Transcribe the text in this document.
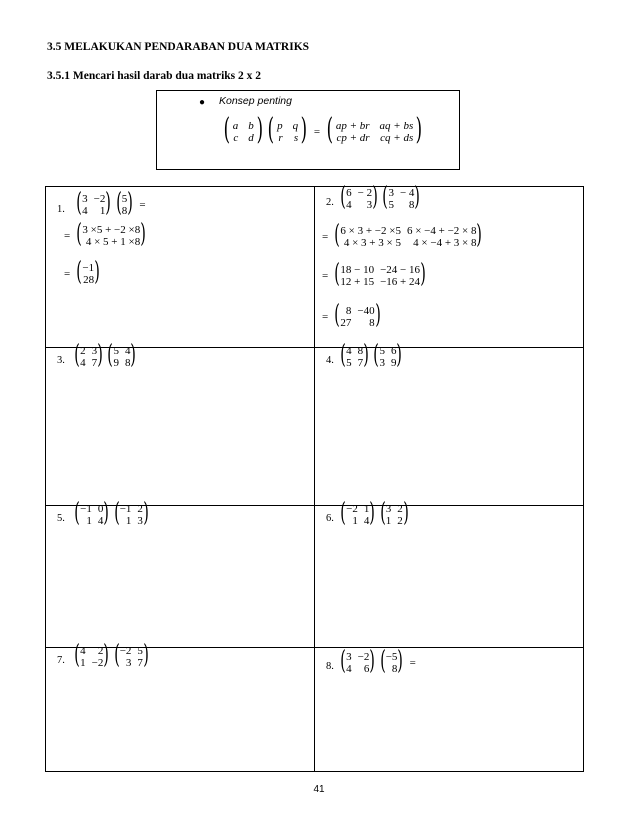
3.5 MELAKUKAN PENDARABAN DUA MATRIKS
3.5.1 Mencari hasil darab dua matriks 2 x 2
● Konsep penting
( a	b
c	d ) ( p	q
r	s ) = ( ap + br	aq + bs
cp + dr	cq + ds )
1. ( 3	−2
4	1 ) ( 5
8 ) =
= ( 3 ×5 + −2 ×8
4 × 5 + 1 ×8 )
= ( −1
28 )
2. ( 6	− 2
4	3 ) ( 3	− 4
5	8 )
= ( 6 × 3 + −2 ×5	6 × −4 + −2 × 8
4 × 3 + 3 × 5	4 × −4 + 3 × 8 )
= ( 18 − 10	−24 − 16
12 + 15	−16 + 24 )
= ( 8	−40
27	8 )
3. ( 2	3
4	7 ) ( 5	4
9	8 )	4. ( 4	8
5	7 ) ( 5	6
3	9 )
5. ( −1	0
1	4 ) ( −1	2
1	3 )	6. ( −2	1
1	4 ) ( 3	2
1	2 )
7. ( 4	2
1	−2 ) ( −2	5
3	7 )	8. ( 3	−2
4	6 ) ( −5
8 ) =
41
